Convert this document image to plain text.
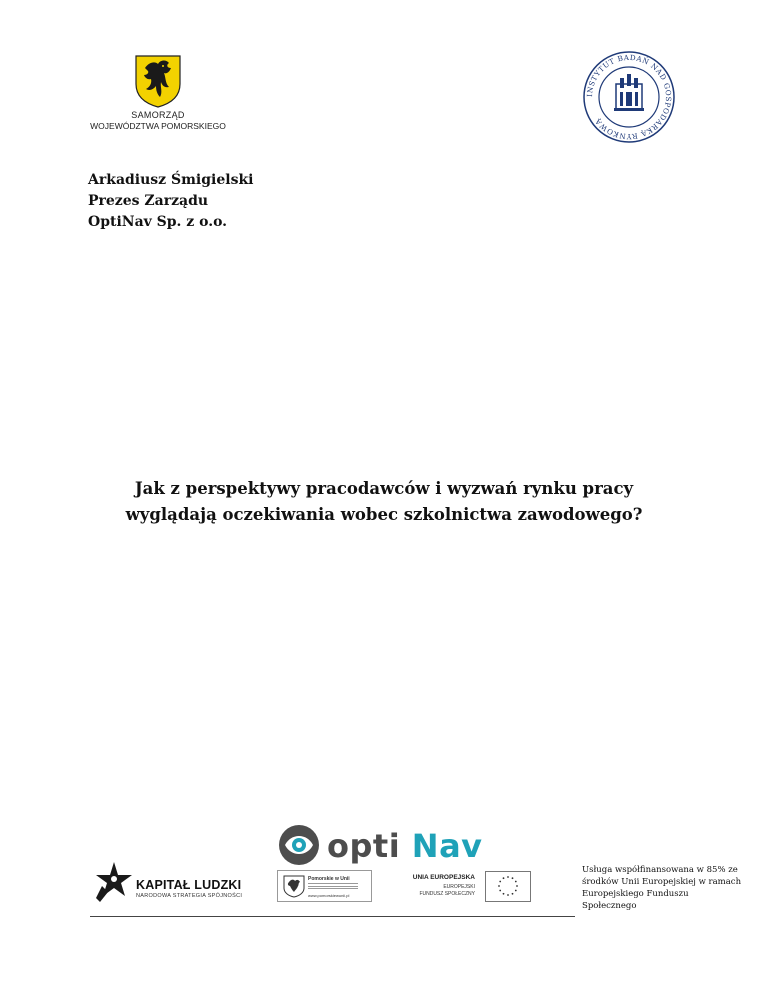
SAMORZĄD
WOJEWÓDZTWA POMORSKIEGO
INSTYTUT BADAŃ NAD GOSPODARKĄ RYNKOWĄ
Arkadiusz Śmigielski
Prezes Zarządu
OptiNav Sp. z o.o.
Jak z perspektywy pracodawców i wyzwań rynku pracy
wyglądają oczekiwania wobec szkolnictwa zawodowego?
opti Nav
KAPITAŁ LUDZKI
NARODOWA STRATEGIA SPÓJNOŚCI
Pomorskie w Unii
www.pomorskiewunii.pl
UNIA EUROPEJSKA
EUROPEJSKI
FUNDUSZ SPOŁECZNY
Usługa współfinansowana w 85% ze środków Unii Europejskiej w ramach Europejskiego Funduszu Społecznego
